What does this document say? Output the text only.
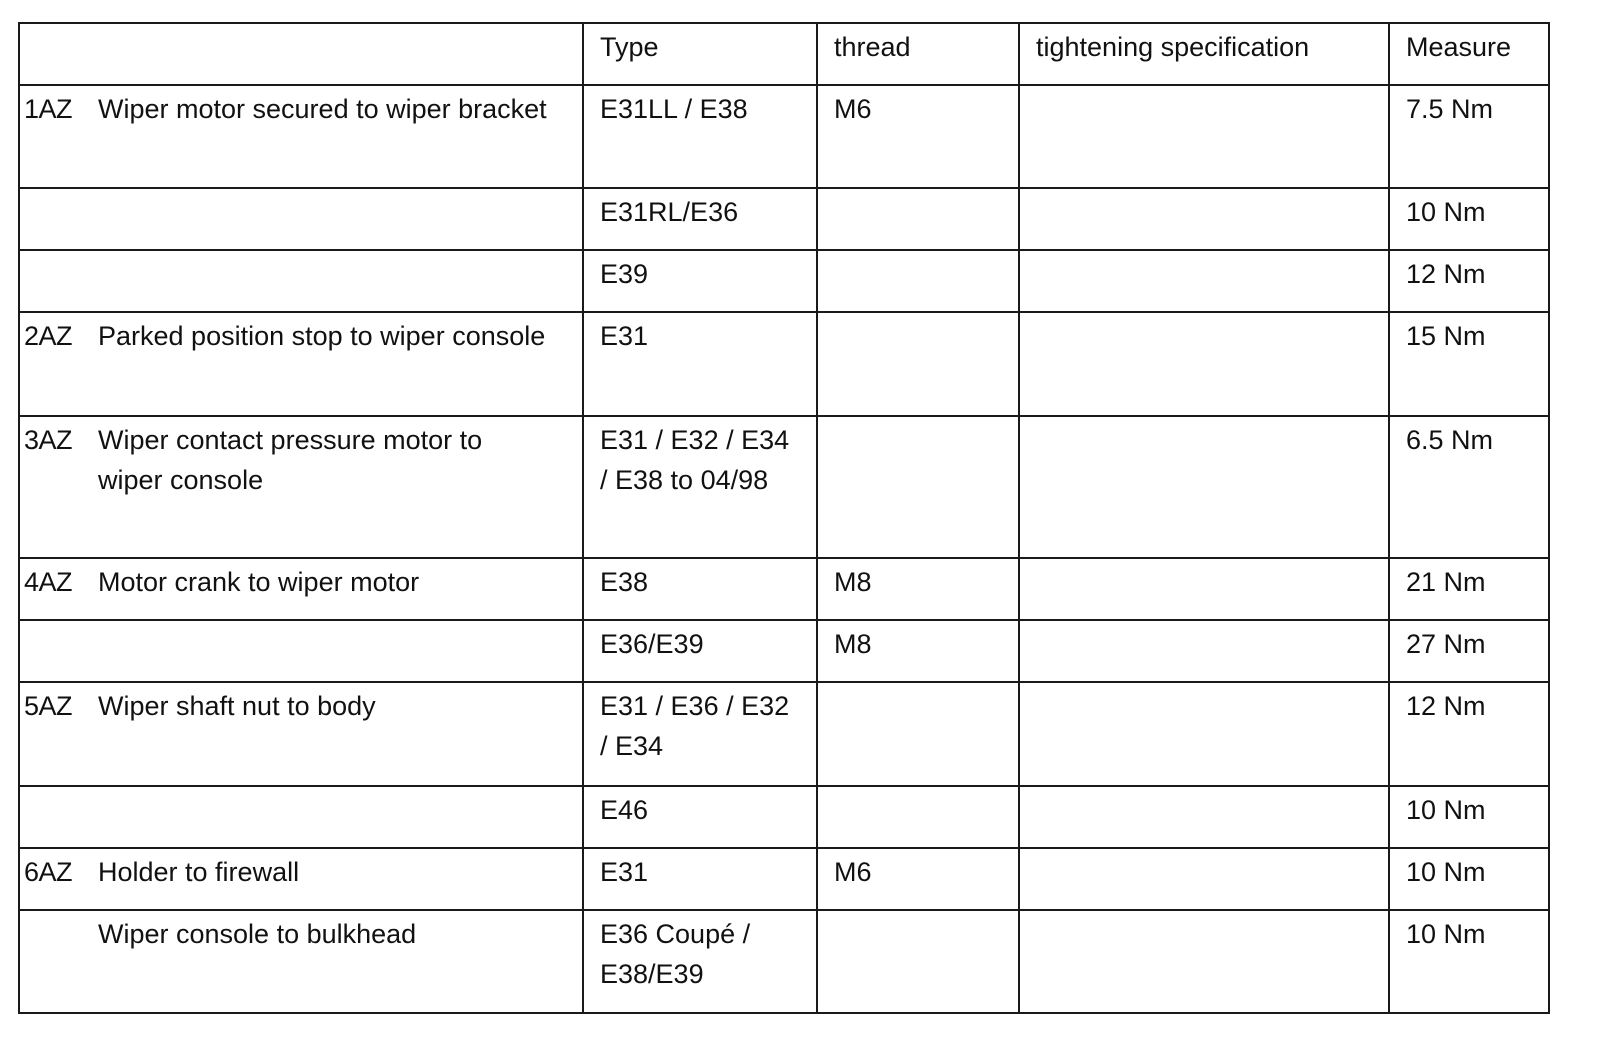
	Type	thread	tightening specification	Measure

1AZ Wiper motor secured to wiper bracket	E31LL / E38	M6		7.5 Nm

	E31RL/E36			10 Nm

	E39			12 Nm

2AZ Parked position stop to wiper console	E31			15 Nm

3AZ Wiper contact pressure motor to wiper console	E31 / E32 / E34 / E38 to 04/98			6.5 Nm

4AZ Motor crank to wiper motor	E38	M8		21 Nm

	E36/E39	M8		27 Nm

5AZ Wiper shaft nut to body	E31 / E36 / E32 / E34			12 Nm

	E46			10 Nm

6AZ Holder to firewall	E31	M6		10 Nm

Wiper console to bulkhead	E36 Coupé / E38/E39			10 Nm
